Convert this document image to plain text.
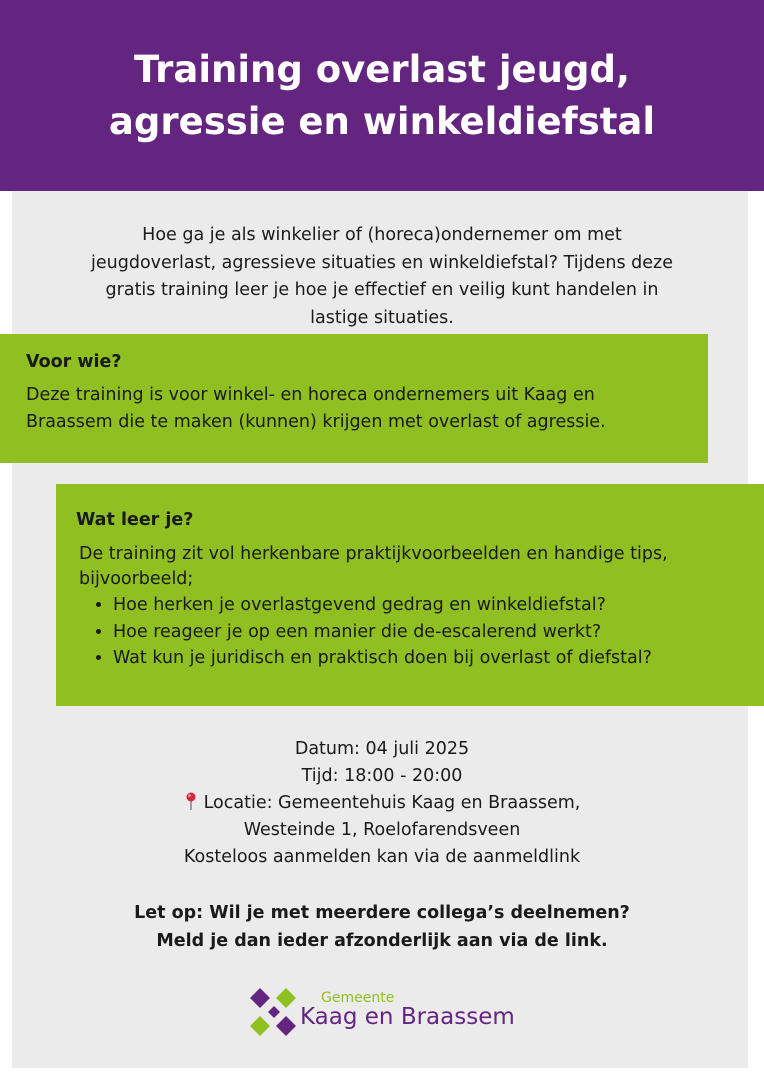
Training overlast jeugd,
agressie en winkeldiefstal

Hoe ga je als winkelier of (horeca)ondernemer om met jeugdoverlast, agressieve situaties en winkeldiefstal? Tijdens deze gratis training leer je hoe je effectief en veilig kunt handelen in lastige situaties.

Voor wie?

Deze training is voor winkel- en horeca ondernemers uit Kaag en Braassem die te maken (kunnen) krijgen met overlast of agressie.

Wat leer je?

De training zit vol herkenbare praktijkvoorbeelden en handige tips, bijvoorbeeld;

• Hoe herken je overlastgevend gedrag en winkeldiefstal?
• Hoe reageer je op een manier die de-escalerend werkt?
• Wat kun je juridisch en praktisch doen bij overlast of diefstal?
Datum: 04 juli 2025
Tijd: 18:00 - 20:00
Locatie: Gemeentehuis Kaag en Braassem,
Westeinde 1, Roelofarendsveen
Kosteloos aanmelden kan via de aanmeldlink
Let op: Wil je met meerdere collega’s deelnemen?
Meld je dan ieder afzonderlijk aan via de link.
Gemeente
Kaag en Braassem
